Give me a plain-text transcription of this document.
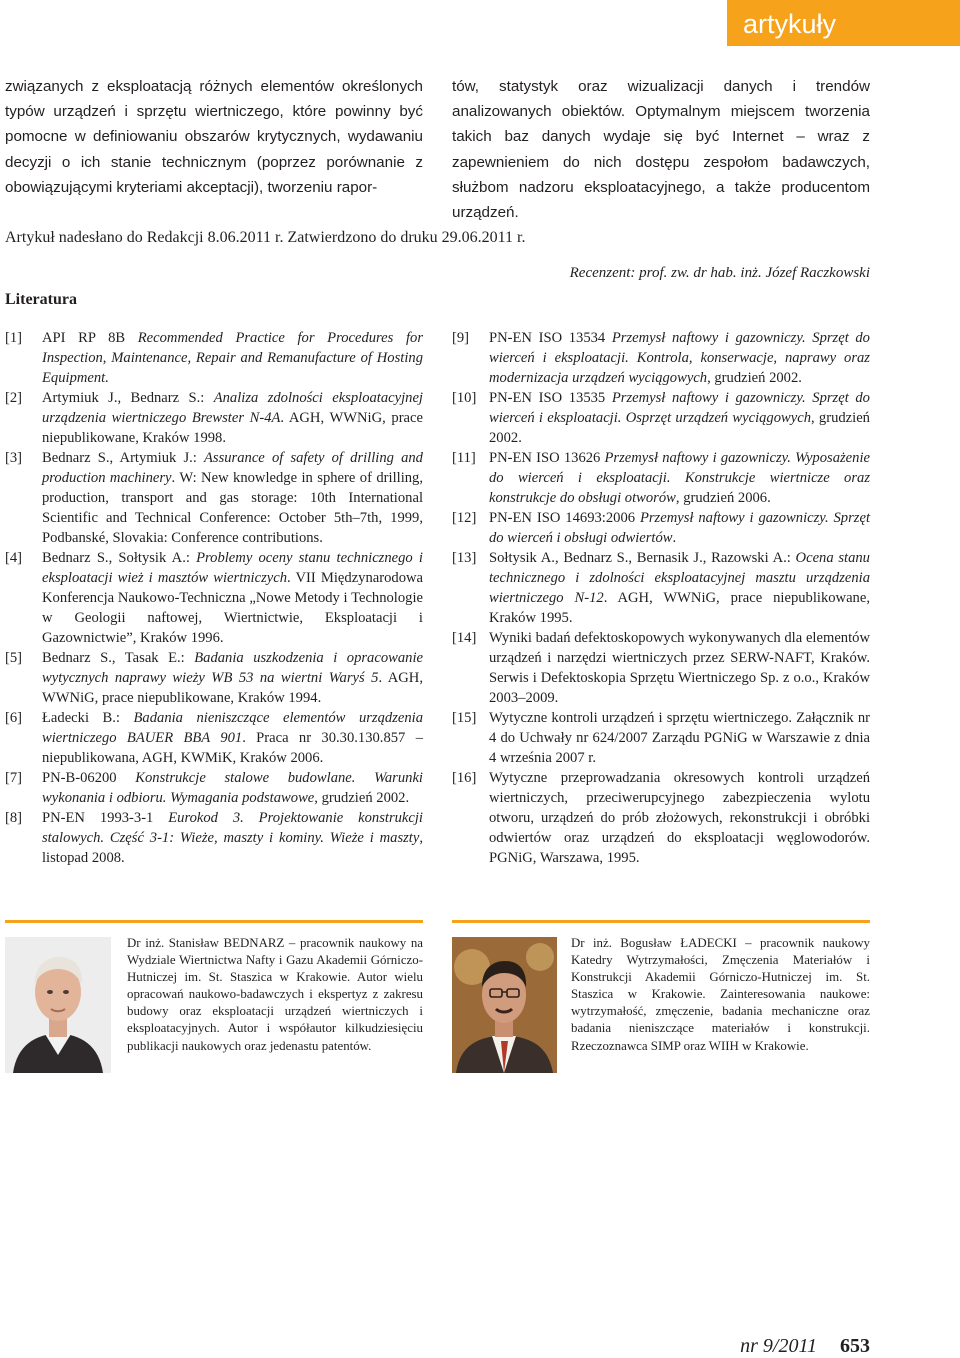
artykuły

związanych z eksploatacją różnych elementów określonych typów urządzeń i sprzętu wiertniczego, które powinny być pomocne w definiowaniu obszarów krytycznych, wydawaniu decyzji o ich stanie technicznym (poprzez porównanie z obowiązującymi kryteriami akceptacji), tworzeniu rapor-

tów, statystyk oraz wizualizacji danych i trendów analizowanych obiektów. Optymalnym miejscem tworzenia takich baz danych wydaje się być Internet – wraz z zapewnieniem do nich dostępu zespołom badawczych, służbom nadzoru eksploatacyjnego, a także producentom urządzeń.

Artykuł nadesłano do Redakcji 8.06.2011 r. Zatwierdzono do druku 29.06.2011 r.
Recenzent: prof. zw. dr hab. inż. Józef Raczkowski
Literatura

[1] API RP 8B Recommended Practice for Procedures for Inspection, Maintenance, Repair and Remanufacture of Hosting Equipment.

[2] Artymiuk J., Bednarz S.: Analiza zdolności eksploatacyjnej urządzenia wiertniczego Brewster N-4A. AGH, WWNiG, prace niepublikowane, Kraków 1998.

[3] Bednarz S., Artymiuk J.: Assurance of safety of drilling and production machinery. W: New knowledge in sphere of drilling, production, transport and gas storage: 10th International Scientific and Technical Conference: October 5th–7th, 1999, Podbanské, Slovakia: Conference contributions.

[4] Bednarz S., Sołtysik A.: Problemy oceny stanu technicznego i eksploatacji wież i masztów wiertniczych. VII Międzynarodowa Konferencja Naukowo-Techniczna „Nowe Metody i Technologie w Geologii naftowej, Wiertnictwie, Eksploatacji i Gazownictwie”, Kraków 1996.

[5] Bednarz S., Tasak E.: Badania uszkodzenia i opracowanie wytycznych naprawy wieży WB 53 na wiertni Waryś 5. AGH, WWNiG, prace niepublikowane, Kraków 1994.

[6] Ładecki B.: Badania nieniszczące elementów urządzenia wiertniczego BAUER BBA 901. Praca nr 30.30.130.857 – niepublikowana, AGH, KWMiK, Kraków 2006.

[7] PN-B-06200 Konstrukcje stalowe budowlane. Warunki wykonania i odbioru. Wymagania podstawowe, grudzień 2002.

[8] PN-EN 1993-3-1 Eurokod 3. Projektowanie konstrukcji stalowych. Część 3-1: Wieże, maszty i kominy. Wieże i maszty, listopad 2008.

[9] PN-EN ISO 13534 Przemysł naftowy i gazowniczy. Sprzęt do wierceń i eksploatacji. Kontrola, konserwacje, naprawy oraz modernizacja urządzeń wyciągowych, grudzień 2002.

[10] PN-EN ISO 13535 Przemysł naftowy i gazowniczy. Sprzęt do wierceń i eksploatacji. Osprzęt urządzeń wyciągowych, grudzień 2002.

[11] PN-EN ISO 13626 Przemysł naftowy i gazowniczy. Wyposażenie do wierceń i eksploatacji. Konstrukcje wiertnicze oraz konstrukcje do obsługi otworów, grudzień 2006.

[12] PN-EN ISO 14693:2006 Przemysł naftowy i gazowniczy. Sprzęt do wierceń i obsługi odwiertów.

[13] Sołtysik A., Bednarz S., Bernasik J., Razowski A.: Ocena stanu technicznego i zdolności eksploatacyjnej masztu urządzenia wiertniczego N-12. AGH, WWNiG, prace niepublikowane, Kraków 1995.

[14] Wyniki badań defektoskopowych wykonywanych dla elementów urządzeń i narzędzi wiertniczych przez SERW-NAFT, Kraków. Serwis i Defektoskopia Sprzętu Wiertniczego Sp. z o.o., Kraków 2003–2009.

[15] Wytyczne kontroli urządzeń i sprzętu wiertniczego. Załącznik nr 4 do Uchwały nr 624/2007 Zarządu PGNiG w Warszawie z dnia 4 września 2007 r.

[16] Wytyczne przeprowadzania okresowych kontroli urządzeń wiertniczych, przeciwerupcyjnego zabezpieczenia wylotu otworu, urządzeń do prób złożowych, rekonstrukcji i obróbki odwiertów oraz urządzeń do eksploatacji węglowodorów. PGNiG, Warszawa, 1995.

Dr inż. Stanisław BEDNARZ – pracownik naukowy na Wydziale Wiertnictwa Nafty i Gazu Akademii Górniczo-Hutniczej im. St. Staszica w Krakowie. Autor wielu opracowań naukowo-badawczych i ekspertyz z zakresu budowy oraz eksploatacji urządzeń wiertniczych i eksploatacyjnych. Autor i współautor kilkudziesięciu publikacji naukowych oraz jedenastu patentów.
Dr inż. Bogusław ŁADECKI – pracownik naukowy Katedry Wytrzymałości, Zmęczenia Materiałów i Konstrukcji Akademii Górniczo-Hutniczej im. St. Staszica w Krakowie. Zainteresowania naukowe: wytrzymałość, zmęczenie, badania mechaniczne oraz badania nieniszczące materiałów i konstrukcji. Rzeczoznawca SIMP oraz WIIH w Krakowie.
nr 9/2011 653
